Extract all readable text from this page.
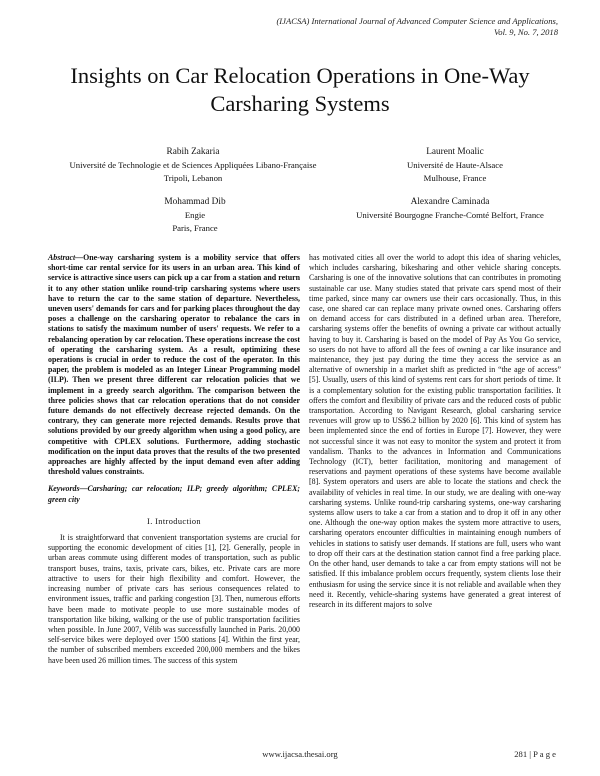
(IJACSA) International Journal of Advanced Computer Science and Applications,
Vol. 9, No. 7, 2018
Insights on Car Relocation Operations in One-Way
Carsharing Systems
Rabih Zakaria
Université de Technologie et de Sciences Appliquées Libano-Française
Tripoli, Lebanon
Laurent Moalic
Université de Haute-Alsace
Mulhouse, France
Mohammad Dib
Engie
Paris, France
Alexandre Caminada
Université Bourgogne Franche-Comté Belfort, France

Abstract—One-way carsharing system is a mobility service that offers short-time car rental service for its users in an urban area. This kind of service is attractive since users can pick up a car from a station and return it to any other station unlike round-trip carsharing systems where users have to return the car to the same station of departure. Nevertheless, uneven users' demands for cars and for parking places throughout the day poses a challenge on the carsharing operator to rebalance the cars in stations to satisfy the maximum number of users' requests. We refer to a rebalancing operation by car relocation. These operations increase the cost of operating the carsharing system. As a result, optimizing these operations is crucial in order to reduce the cost of the operator. In this paper, the problem is modeled as an Integer Linear Programming model (ILP). Then we present three different car relocation policies that we implement in a greedy search algorithm. The comparison between the three policies shows that car relocation operations that do not consider future demands do not effectively decrease rejected demands. On the contrary, they can generate more rejected demands. Results prove that solutions provided by our greedy algorithm when using a good policy, are competitive with CPLEX solutions. Furthermore, adding stochastic modification on the input data proves that the results of the two presented approaches are highly affected by the input demand even after adding threshold values constraints.

Keywords—Carsharing; car relocation; ILP; greedy algorithm; CPLEX; green city

I. Introduction

It is straightforward that convenient transportation systems are crucial for supporting the economic development of cities [1], [2]. Generally, people in urban areas commute using different modes of transportation, such as public transport buses, trains, taxis, private cars, bikes, etc. Private cars are more attractive to users for their high flexibility and comfort. However, the increasing number of private cars has serious consequences related to environment issues, traffic and parking congestion [3]. Then, numerous efforts have been made to motivate people to use more sustainable modes of transportation like biking, walking or the use of public transportation facilities when possible. In June 2007, Vélib was successfully launched in Paris. 20,000 self-service bikes were deployed over 1500 stations [4]. Within the first year, the number of subscribed members exceeded 200,000 members and the bikes have been used 26 million times. The success of this system

has motivated cities all over the world to adopt this idea of sharing vehicles, which includes carsharing, bikesharing and other vehicle sharing concepts. Carsharing is one of the innovative solutions that can contributes in promoting sustainable car use. Many studies stated that private cars spend most of their time parked, since many car owners use their cars occasionally. Thus, in this case, one shared car can replace many private owned ones. Carsharing offers on demand access for cars distributed in a defined urban area. Therefore, carsharing systems offer the benefits of owning a private car without actually having to buy it. Carsharing is based on the model of Pay As You Go service, so users do not have to afford all the fees of owning a car like insurance and maintenance, they just pay during the time they access the service as an alternative of ownership in a market shift as predicted in “the age of access” [5]. Usually, users of this kind of systems rent cars for short periods of time. It is a complementary solution for the existing public transportation facilities. It offers the comfort and flexibility of private cars and the reduced costs of public transportation. According to Navigant Research, global carsharing service revenues will grow up to US$6.2 billion by 2020 [6]. This kind of system has been implemented since the end of forties in Europe [7]. However, they were not successful since it was not easy to monitor the system and protect it from vandalism. Thanks to the advances in Information and Communications Technology (ICT), better facilitation, monitoring and management of reservations and payment operations of these systems have become available [8]. System operators and users are able to locate the stations and check the availability of vehicles in real time. In our study, we are dealing with one-way carsharing systems. Unlike round-trip carsharing systems, one-way carsharing systems allow users to take a car from a station and to drop it off in any other one. Although the one-way option makes the system more attractive to users, carsharing operators encounter difficulties in maintaining enough numbers of vehicles in stations to satisfy user demands. If stations are full, users who want to drop off their cars at the destination station cannot find a free parking place. On the other hand, user demands to take a car from empty stations will not be satisfied. If this imbalance problem occurs frequently, system clients lose their enthusiasm for using the service since it is not reliable and available when they need it. Recently, vehicle-sharing systems have generated a great interest of research in its different majors to solve

www.ijacsa.thesai.org	281 | P a g e
